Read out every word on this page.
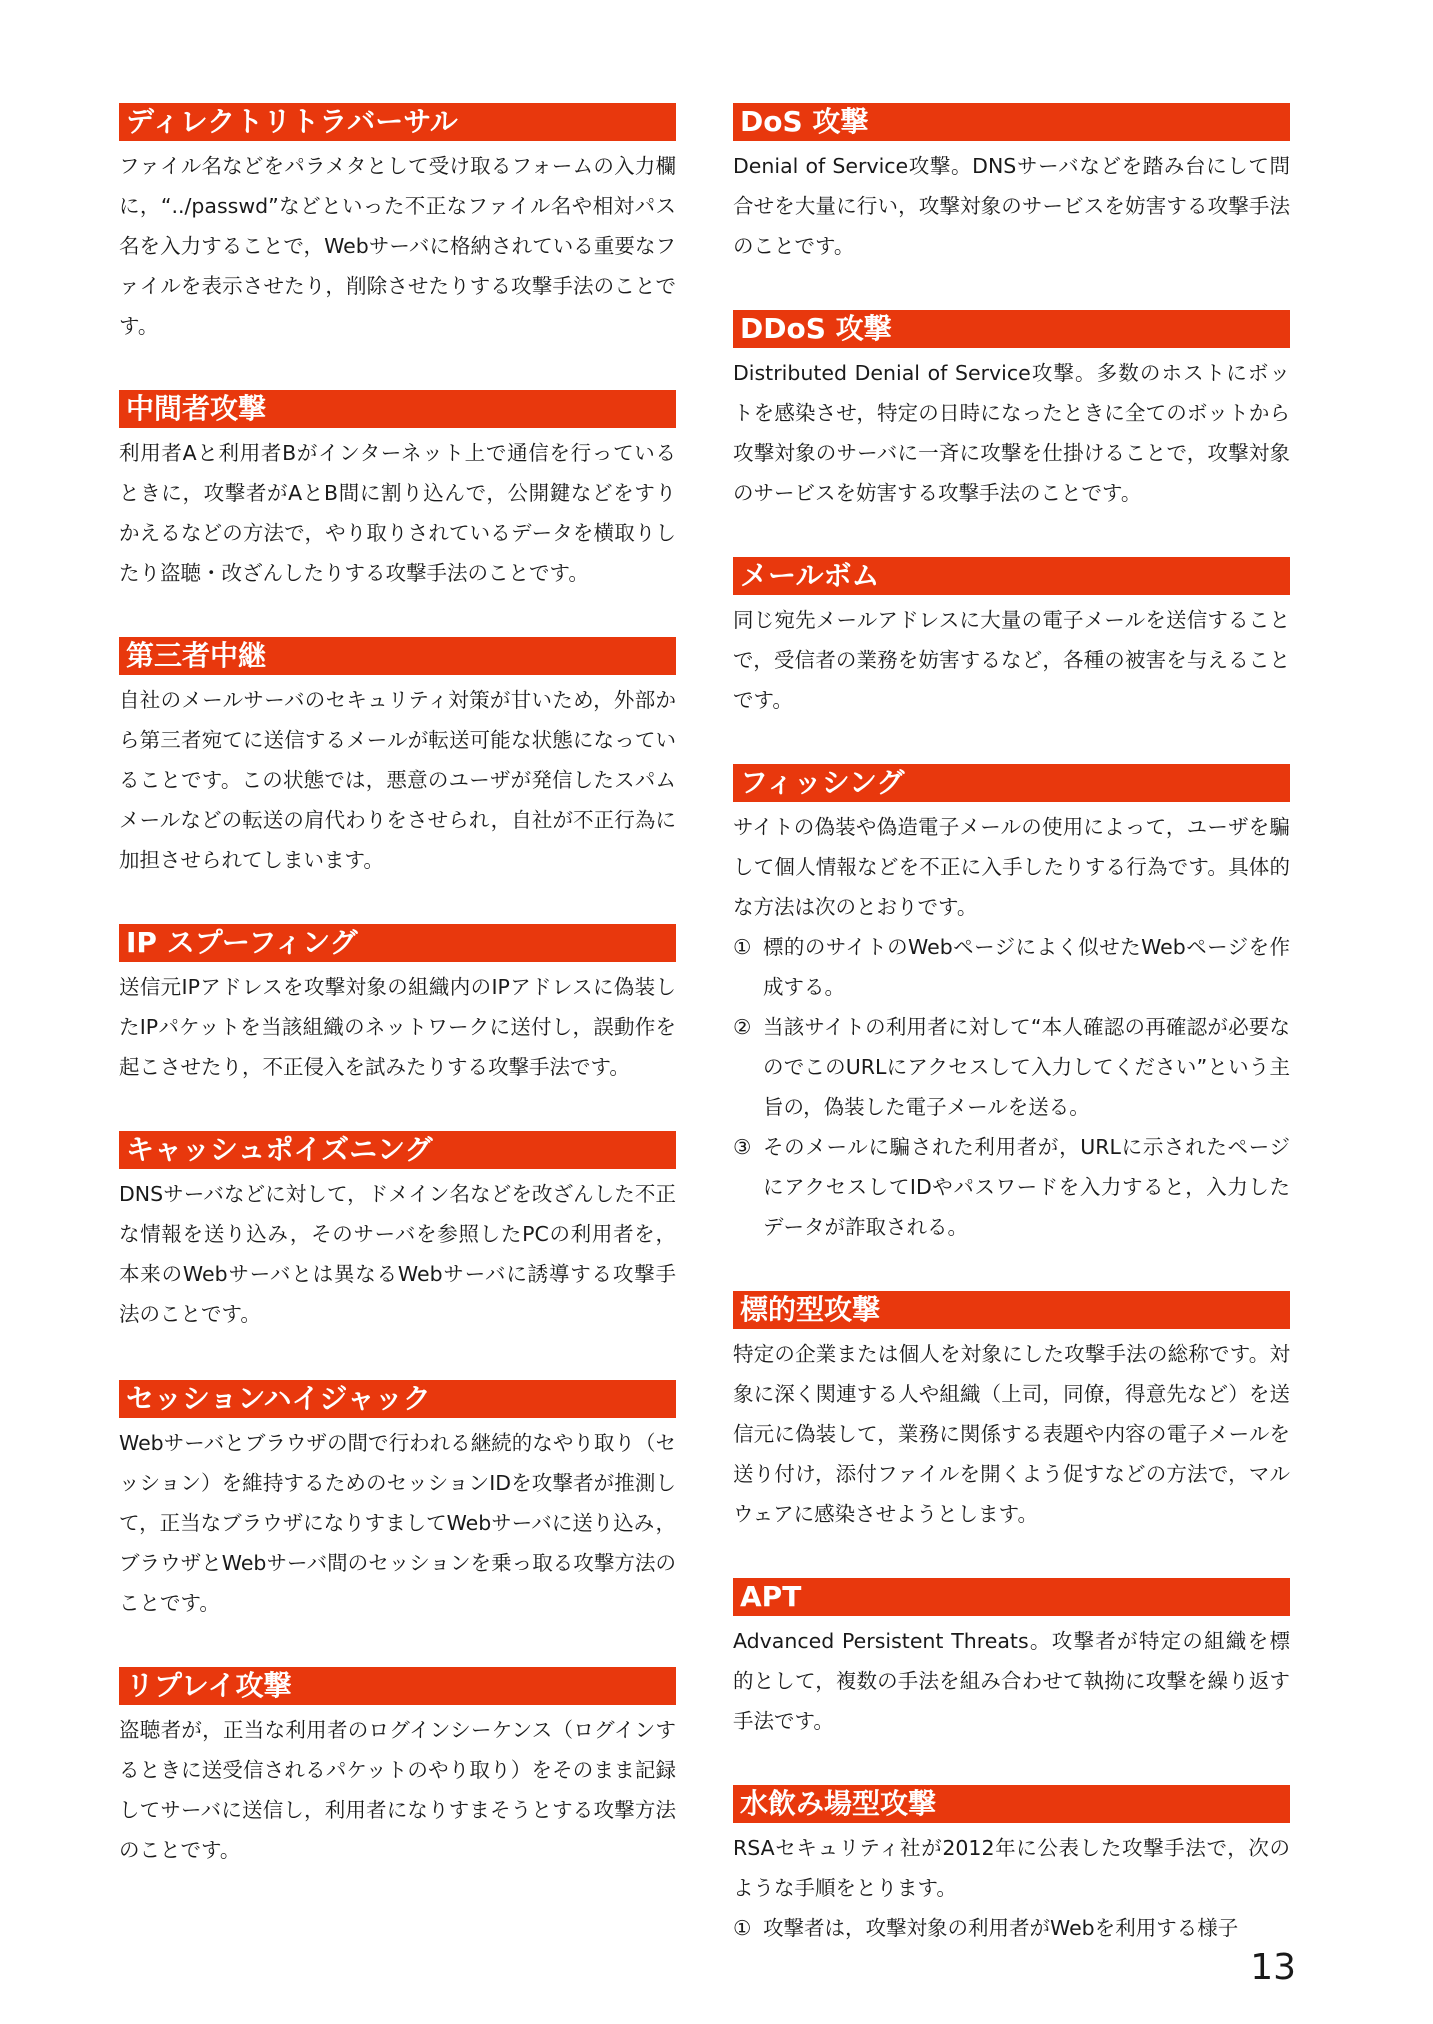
ディレクトリトラバーサル

ファイル名などをパラメタとして受け取るフォームの入力欄に，“../passwd”などといった不正なファイル名や相対パス名を入力することで，Webサーバに格納されている重要なファイルを表示させたり，削除させたりする攻撃手法のことです。

中間者攻撃

利用者Aと利用者Bがインターネット上で通信を行っているときに，攻撃者がAとB間に割り込んで，公開鍵などをすりかえるなどの方法で，やり取りされているデータを横取りしたり盗聴・改ざんしたりする攻撃手法のことです。

第三者中継

自社のメールサーバのセキュリティ対策が甘いため，外部から第三者宛てに送信するメールが転送可能な状態になっていることです。この状態では，悪意のユーザが発信したスパムメールなどの転送の肩代わりをさせられ，自社が不正行為に加担させられてしまいます。

IP スプーフィング

送信元IPアドレスを攻撃対象の組織内のIPアドレスに偽装したIPパケットを当該組織のネットワークに送付し，誤動作を起こさせたり，不正侵入を試みたりする攻撃手法です。

キャッシュポイズニング

DNSサーバなどに対して，ドメイン名などを改ざんした不正な情報を送り込み，そのサーバを参照したPCの利用者を，本来のWebサーバとは異なるWebサーバに誘導する攻撃手法のことです。

セッションハイジャック

Webサーバとブラウザの間で行われる継続的なやり取り（セッション）を維持するためのセッションIDを攻撃者が推測して，正当なブラウザになりすましてWebサーバに送り込み，ブラウザとWebサーバ間のセッションを乗っ取る攻撃方法のことです。

リプレイ攻撃

盗聴者が，正当な利用者のログインシーケンス（ログインするときに送受信されるパケットのやり取り）をそのまま記録してサーバに送信し，利用者になりすまそうとする攻撃方法のことです。

DoS 攻撃

Denial of Service攻撃。DNSサーバなどを踏み台にして問合せを大量に行い，攻撃対象のサービスを妨害する攻撃手法のことです。

DDoS 攻撃

Distributed Denial of Service攻撃。多数のホストにボットを感染させ，特定の日時になったときに全てのボットから攻撃対象のサーバに一斉に攻撃を仕掛けることで，攻撃対象のサービスを妨害する攻撃手法のことです。

メールボム

同じ宛先メールアドレスに大量の電子メールを送信することで，受信者の業務を妨害するなど，各種の被害を与えることです。

フィッシング

サイトの偽装や偽造電子メールの使用によって，ユーザを騙して個人情報などを不正に入手したりする行為です。具体的な方法は次のとおりです。

① 標的のサイトのWebページによく似せたWebページを作成する。
② 当該サイトの利用者に対して“本人確認の再確認が必要なのでこのURLにアクセスして入力してください”という主旨の，偽装した電子メールを送る。
③ そのメールに騙された利用者が，URLに示されたページにアクセスしてIDやパスワードを入力すると，入力したデータが詐取される。
標的型攻撃

特定の企業または個人を対象にした攻撃手法の総称です。対象に深く関連する人や組織（上司，同僚，得意先など）を送信元に偽装して，業務に関係する表題や内容の電子メールを送り付け，添付ファイルを開くよう促すなどの方法で，マルウェアに感染させようとします。

APT

Advanced Persistent Threats。攻撃者が特定の組織を標的として，複数の手法を組み合わせて執拗に攻撃を繰り返す手法です。

水飲み場型攻撃

RSAセキュリティ社が2012年に公表した攻撃手法で，次のような手順をとります。

① 攻撃者は，攻撃対象の利用者がWebを利用する様子
13
